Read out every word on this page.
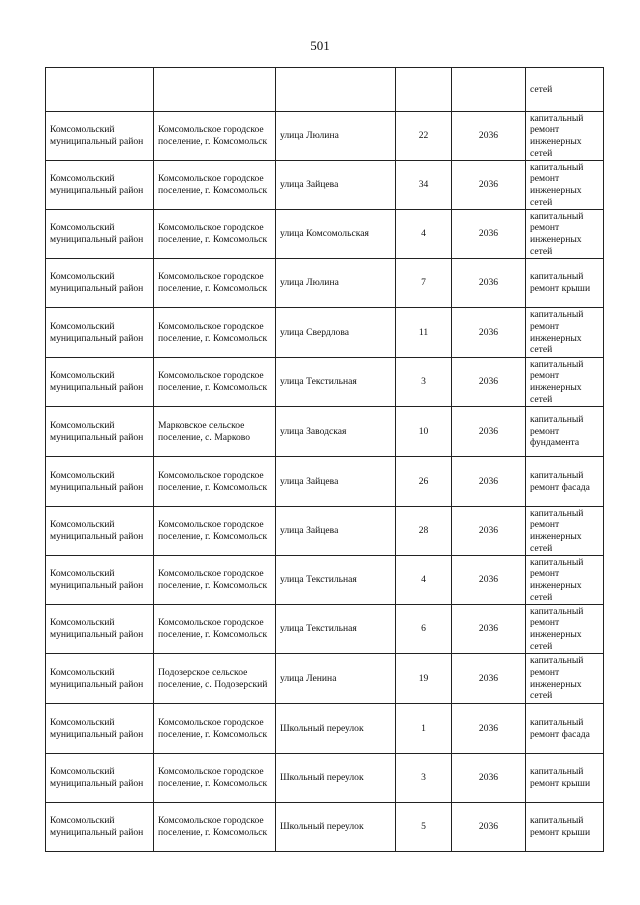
501
					сетей
Комсомольский муниципальный район	Комсомольское городское поселение, г. Комсомольск	улица Люлина	22	2036	капитальный ремонт инженерных сетей
Комсомольский муниципальный район	Комсомольское городское поселение, г. Комсомольск	улица Зайцева	34	2036	капитальный ремонт инженерных сетей
Комсомольский муниципальный район	Комсомольское городское поселение, г. Комсомольск	улица Комсомольская	4	2036	капитальный ремонт инженерных сетей
Комсомольский муниципальный район	Комсомольское городское поселение, г. Комсомольск	улица Люлина	7	2036	капитальный ремонт крыши
Комсомольский муниципальный район	Комсомольское городское поселение, г. Комсомольск	улица Свердлова	11	2036	капитальный ремонт инженерных сетей
Комсомольский муниципальный район	Комсомольское городское поселение, г. Комсомольск	улица Текстильная	3	2036	капитальный ремонт инженерных сетей
Комсомольский муниципальный район	Марковское сельское поселение, с. Марково	улица Заводская	10	2036	капитальный ремонт фундамента
Комсомольский муниципальный район	Комсомольское городское поселение, г. Комсомольск	улица Зайцева	26	2036	капитальный ремонт фасада
Комсомольский муниципальный район	Комсомольское городское поселение, г. Комсомольск	улица Зайцева	28	2036	капитальный ремонт инженерных сетей
Комсомольский муниципальный район	Комсомольское городское поселение, г. Комсомольск	улица Текстильная	4	2036	капитальный ремонт инженерных сетей
Комсомольский муниципальный район	Комсомольское городское поселение, г. Комсомольск	улица Текстильная	6	2036	капитальный ремонт инженерных сетей
Комсомольский муниципальный район	Подозерское сельское поселение, с. Подозерский	улица Ленина	19	2036	капитальный ремонт инженерных сетей
Комсомольский муниципальный район	Комсомольское городское поселение, г. Комсомольск	Школьный переулок	1	2036	капитальный ремонт фасада
Комсомольский муниципальный район	Комсомольское городское поселение, г. Комсомольск	Школьный переулок	3	2036	капитальный ремонт крыши
Комсомольский муниципальный район	Комсомольское городское поселение, г. Комсомольск	Школьный переулок	5	2036	капитальный ремонт крыши
